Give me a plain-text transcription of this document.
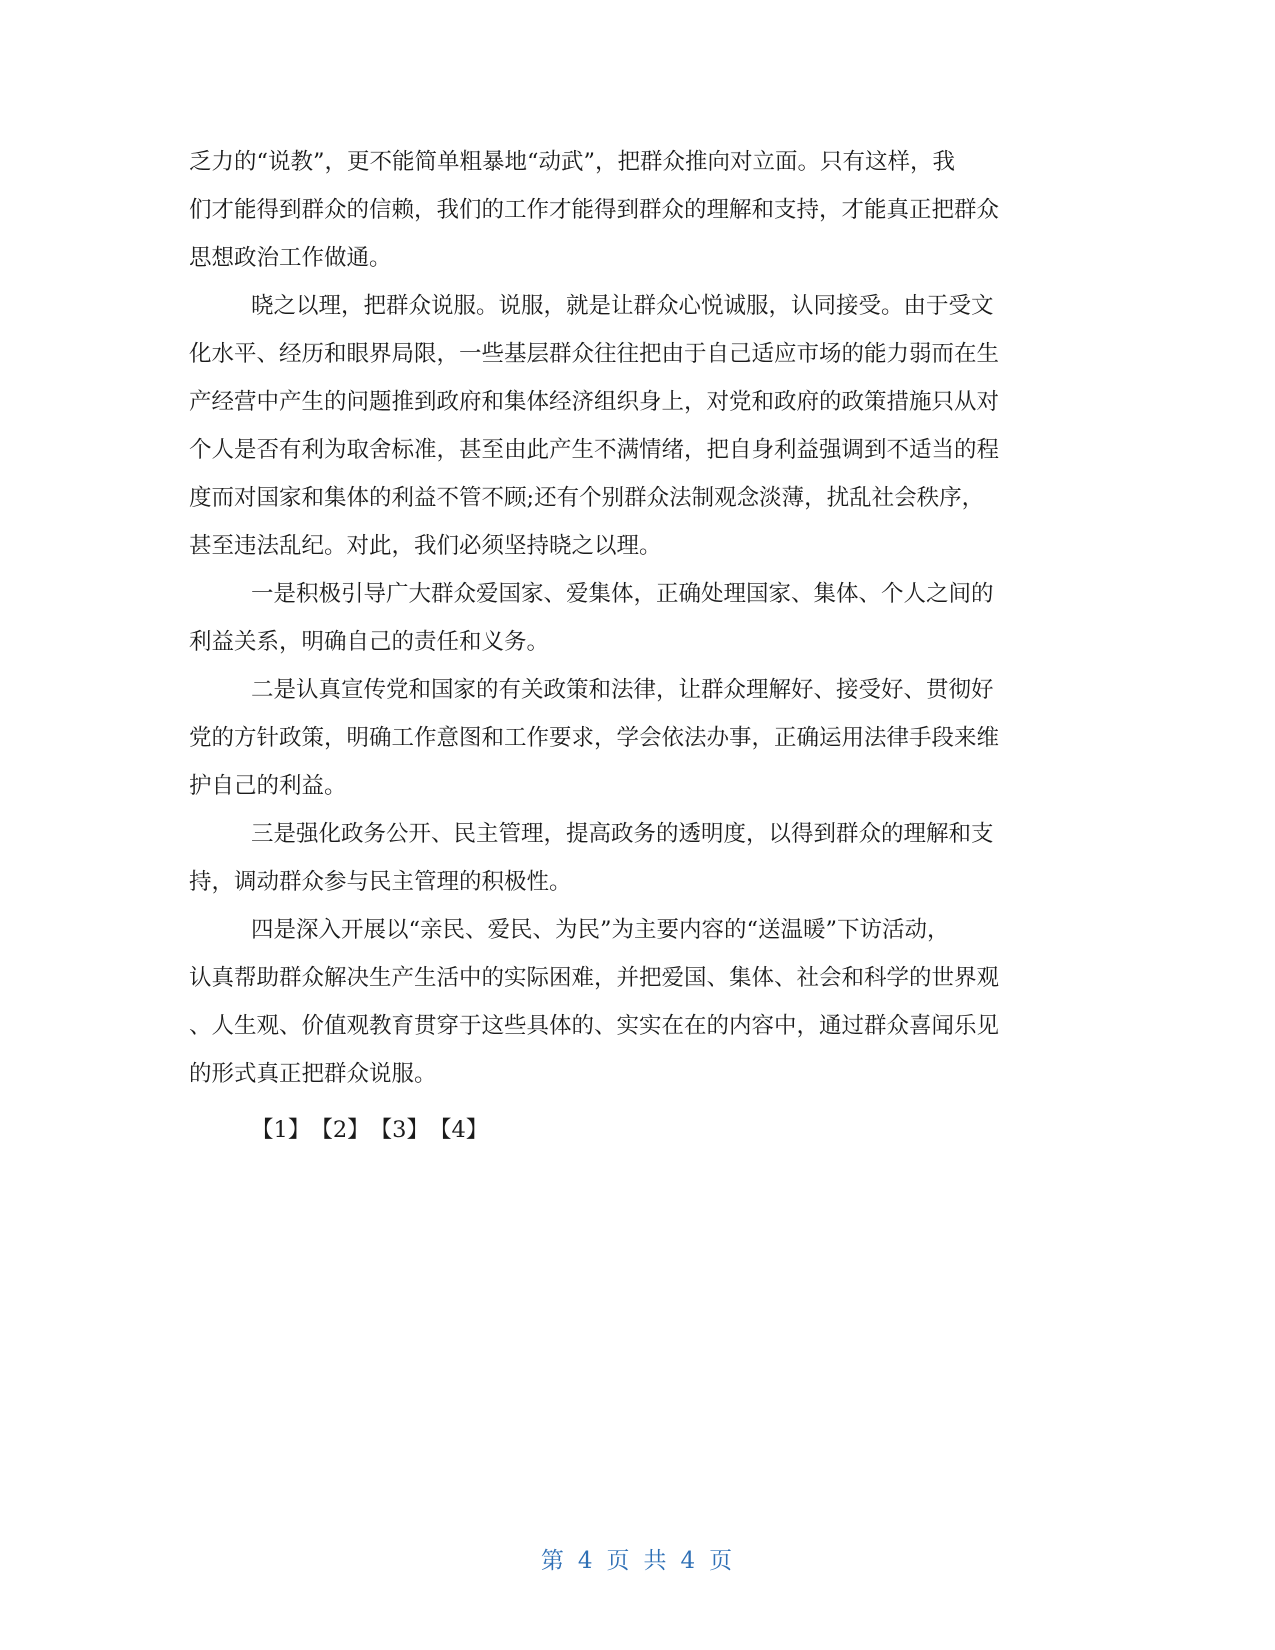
乏力的“说教”，更不能简单粗暴地“动武”，把群众推向对立面。只有这样，我
们才能得到群众的信赖，我们的工作才能得到群众的理解和支持，才能真正把群众
思想政治工作做通。
晓之以理，把群众说服。说服，就是让群众心悦诚服，认同接受。由于受文
化水平、经历和眼界局限，一些基层群众往往把由于自己适应市场的能力弱而在生
产经营中产生的问题推到政府和集体经济组织身上，对党和政府的政策措施只从对
个人是否有利为取舍标准，甚至由此产生不满情绪，把自身利益强调到不适当的程
度而对国家和集体的利益不管不顾;还有个别群众法制观念淡薄，扰乱社会秩序，
甚至违法乱纪。对此，我们必须坚持晓之以理。
一是积极引导广大群众爱国家、爱集体，正确处理国家、集体、个人之间的
利益关系，明确自己的责任和义务。
二是认真宣传党和国家的有关政策和法律，让群众理解好、接受好、贯彻好
党的方针政策，明确工作意图和工作要求，学会依法办事，正确运用法律手段来维
护自己的利益。
三是强化政务公开、民主管理，提高政务的透明度，以得到群众的理解和支
持，调动群众参与民主管理的积极性。
四是深入开展以“亲民、爱民、为民”为主要内容的“送温暖”下访活动，
认真帮助群众解决生产生活中的实际困难，并把爱国、集体、社会和科学的世界观
、人生观、价值观教育贯穿于这些具体的、实实在在的内容中，通过群众喜闻乐见
的形式真正把群众说服。
【1】【2】【3】【4】
第 4 页 共 4 页
